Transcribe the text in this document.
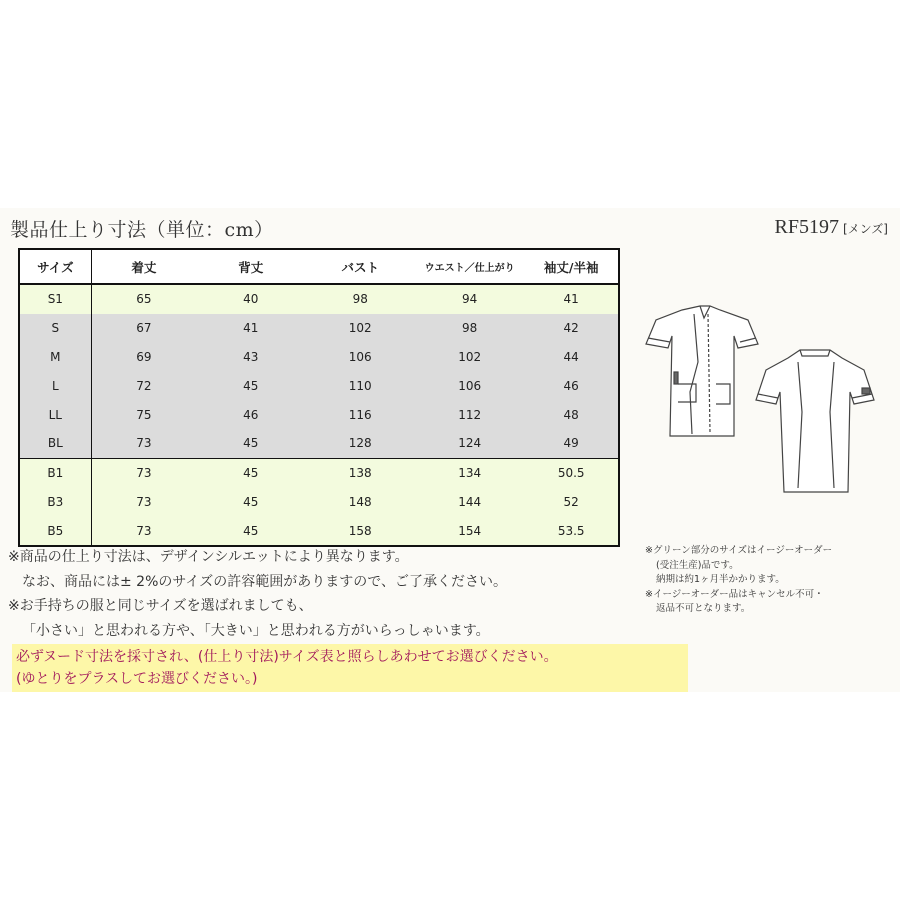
製品仕上り寸法（単位：cm）	RF5197 [メンズ]
サイズ	着丈	背丈	バスト	ウエスト／仕上がり	袖丈/半袖
S1	65	40	98	94	41
S	67	41	102	98	42
M	69	43	106	102	44
L	72	45	110	106	46
LL	75	46	116	112	48
BL	73	45	128	124	49
B1	73	45	138	134	50.5
B3	73	45	148	144	52
B5	73	45	158	154	53.5
※商品の仕上り寸法は、デザインシルエットにより異なります。
なお、商品には± 2%のサイズの許容範囲がありますので、ご了承ください。
※お手持ちの服と同じサイズを選ばれましても、
「小さい」と思われる方や、「大きい」と思われる方がいらっしゃいます。
必ずヌード寸法を採寸され、(仕上り寸法)サイズ表と照らしあわせてお選びください。
(ゆとりをプラスしてお選びください。)
※グリーン部分のサイズはイージーオーダー
(受注生産)品です。
納期は約1ヶ月半かかります。
※イージーオーダー品はキャンセル不可・
返品不可となります。
